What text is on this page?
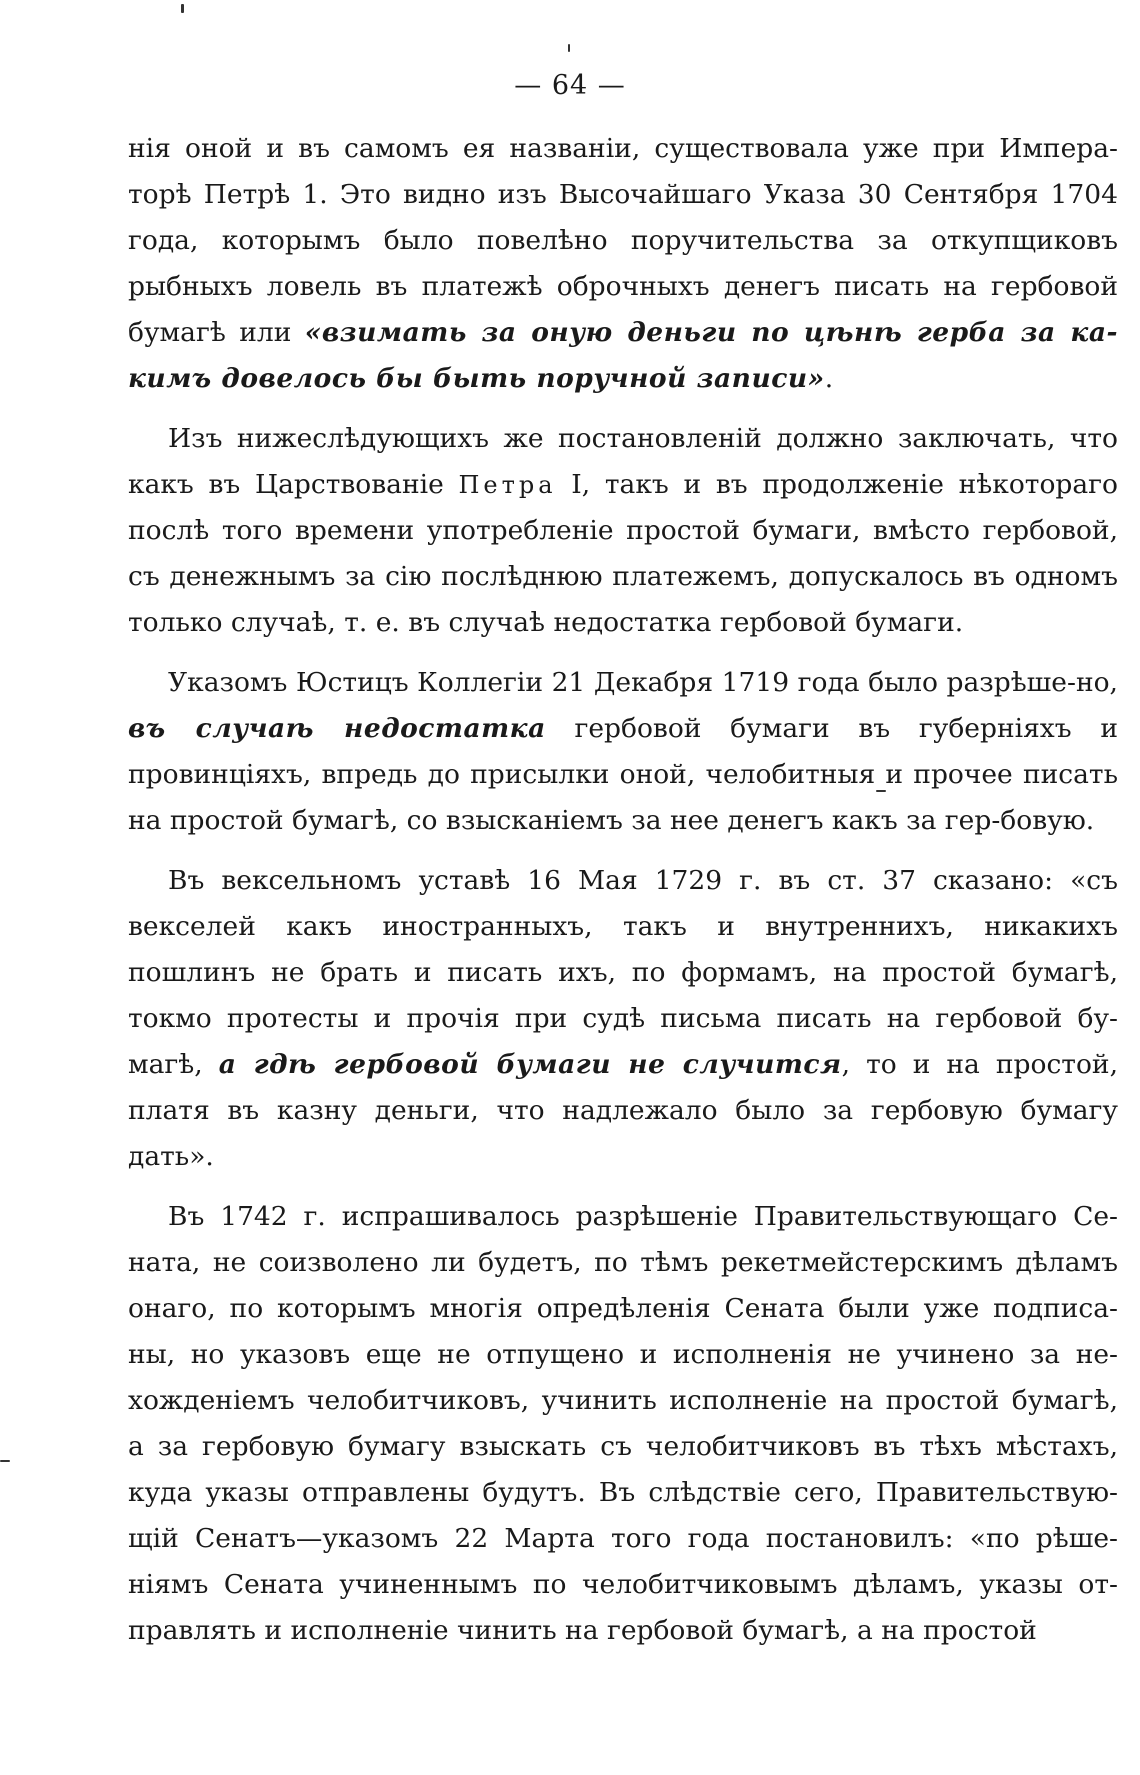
— 64 —

нія оной и въ самомъ ея названіи, существовала уже при Импера-торѣ Петрѣ 1. Это видно изъ Высочайшаго Указа 30 Сентября 1704 года, которымъ было повелѣно поручительства за откупщиковъ рыбныхъ ловель въ платежѣ оброчныхъ денегъ писать на гербовой бумагѣ или «взимать за оную деньги по цѣнѣ герба за ка-кимъ довелось бы быть поручной записи».

Изъ нижеслѣдующихъ же постановленій должно заключать, что какъ въ Царствованіе Петра I, такъ и въ продолженіе нѣкотораго послѣ того времени употребленіе простой бумаги, вмѣсто гербовой, съ денежнымъ за сію послѣднюю платежемъ, допускалось въ одномъ только случаѣ, т. е. въ случаѣ недостатка гербовой бумаги.

Указомъ Юстицъ Коллегіи 21 Декабря 1719 года было разрѣше-но, въ случаѣ недостатка гербовой бумаги въ губерніяхъ и провинціяхъ, впредь до присылки оной, челобитныя и прочее писать на простой бумагѣ, со взысканіемъ за нее денегъ какъ за гер-бовую.

Въ вексельномъ уставѣ 16 Мая 1729 г. въ ст. 37 сказано: «съ векселей какъ иностранныхъ, такъ и внутреннихъ, никакихъ пошлинъ не брать и писать ихъ, по формамъ, на простой бумагѣ, токмо протесты и прочія при судѣ письма писать на гербовой бу-магѣ, а гдѣ гербовой бумаги не случится, то и на простой, платя въ казну деньги, что надлежало было за гербовую бумагу дать».

Въ 1742 г. испрашивалось разрѣшеніе Правительствующаго Се-ната, не соизволено ли будетъ, по тѣмъ рекетмейстерскимъ дѣламъ онаго, по которымъ многія опредѣленія Сената были уже подписа-ны, но указовъ еще не отпущено и исполненія не учинено за не-хожденіемъ челобитчиковъ, учинить исполненіе на простой бумагѣ, а за гербовую бумагу взыскать съ челобитчиковъ въ тѣхъ мѣстахъ, куда указы отправлены будутъ. Въ слѣдствіе сего, Правительствую-щій Сенатъ—указомъ 22 Марта того года постановилъ: «по рѣше-ніямъ Сената учиненнымъ по челобитчиковымъ дѣламъ, указы от-правлять и исполненіе чинить на гербовой бумагѣ, а на простой
